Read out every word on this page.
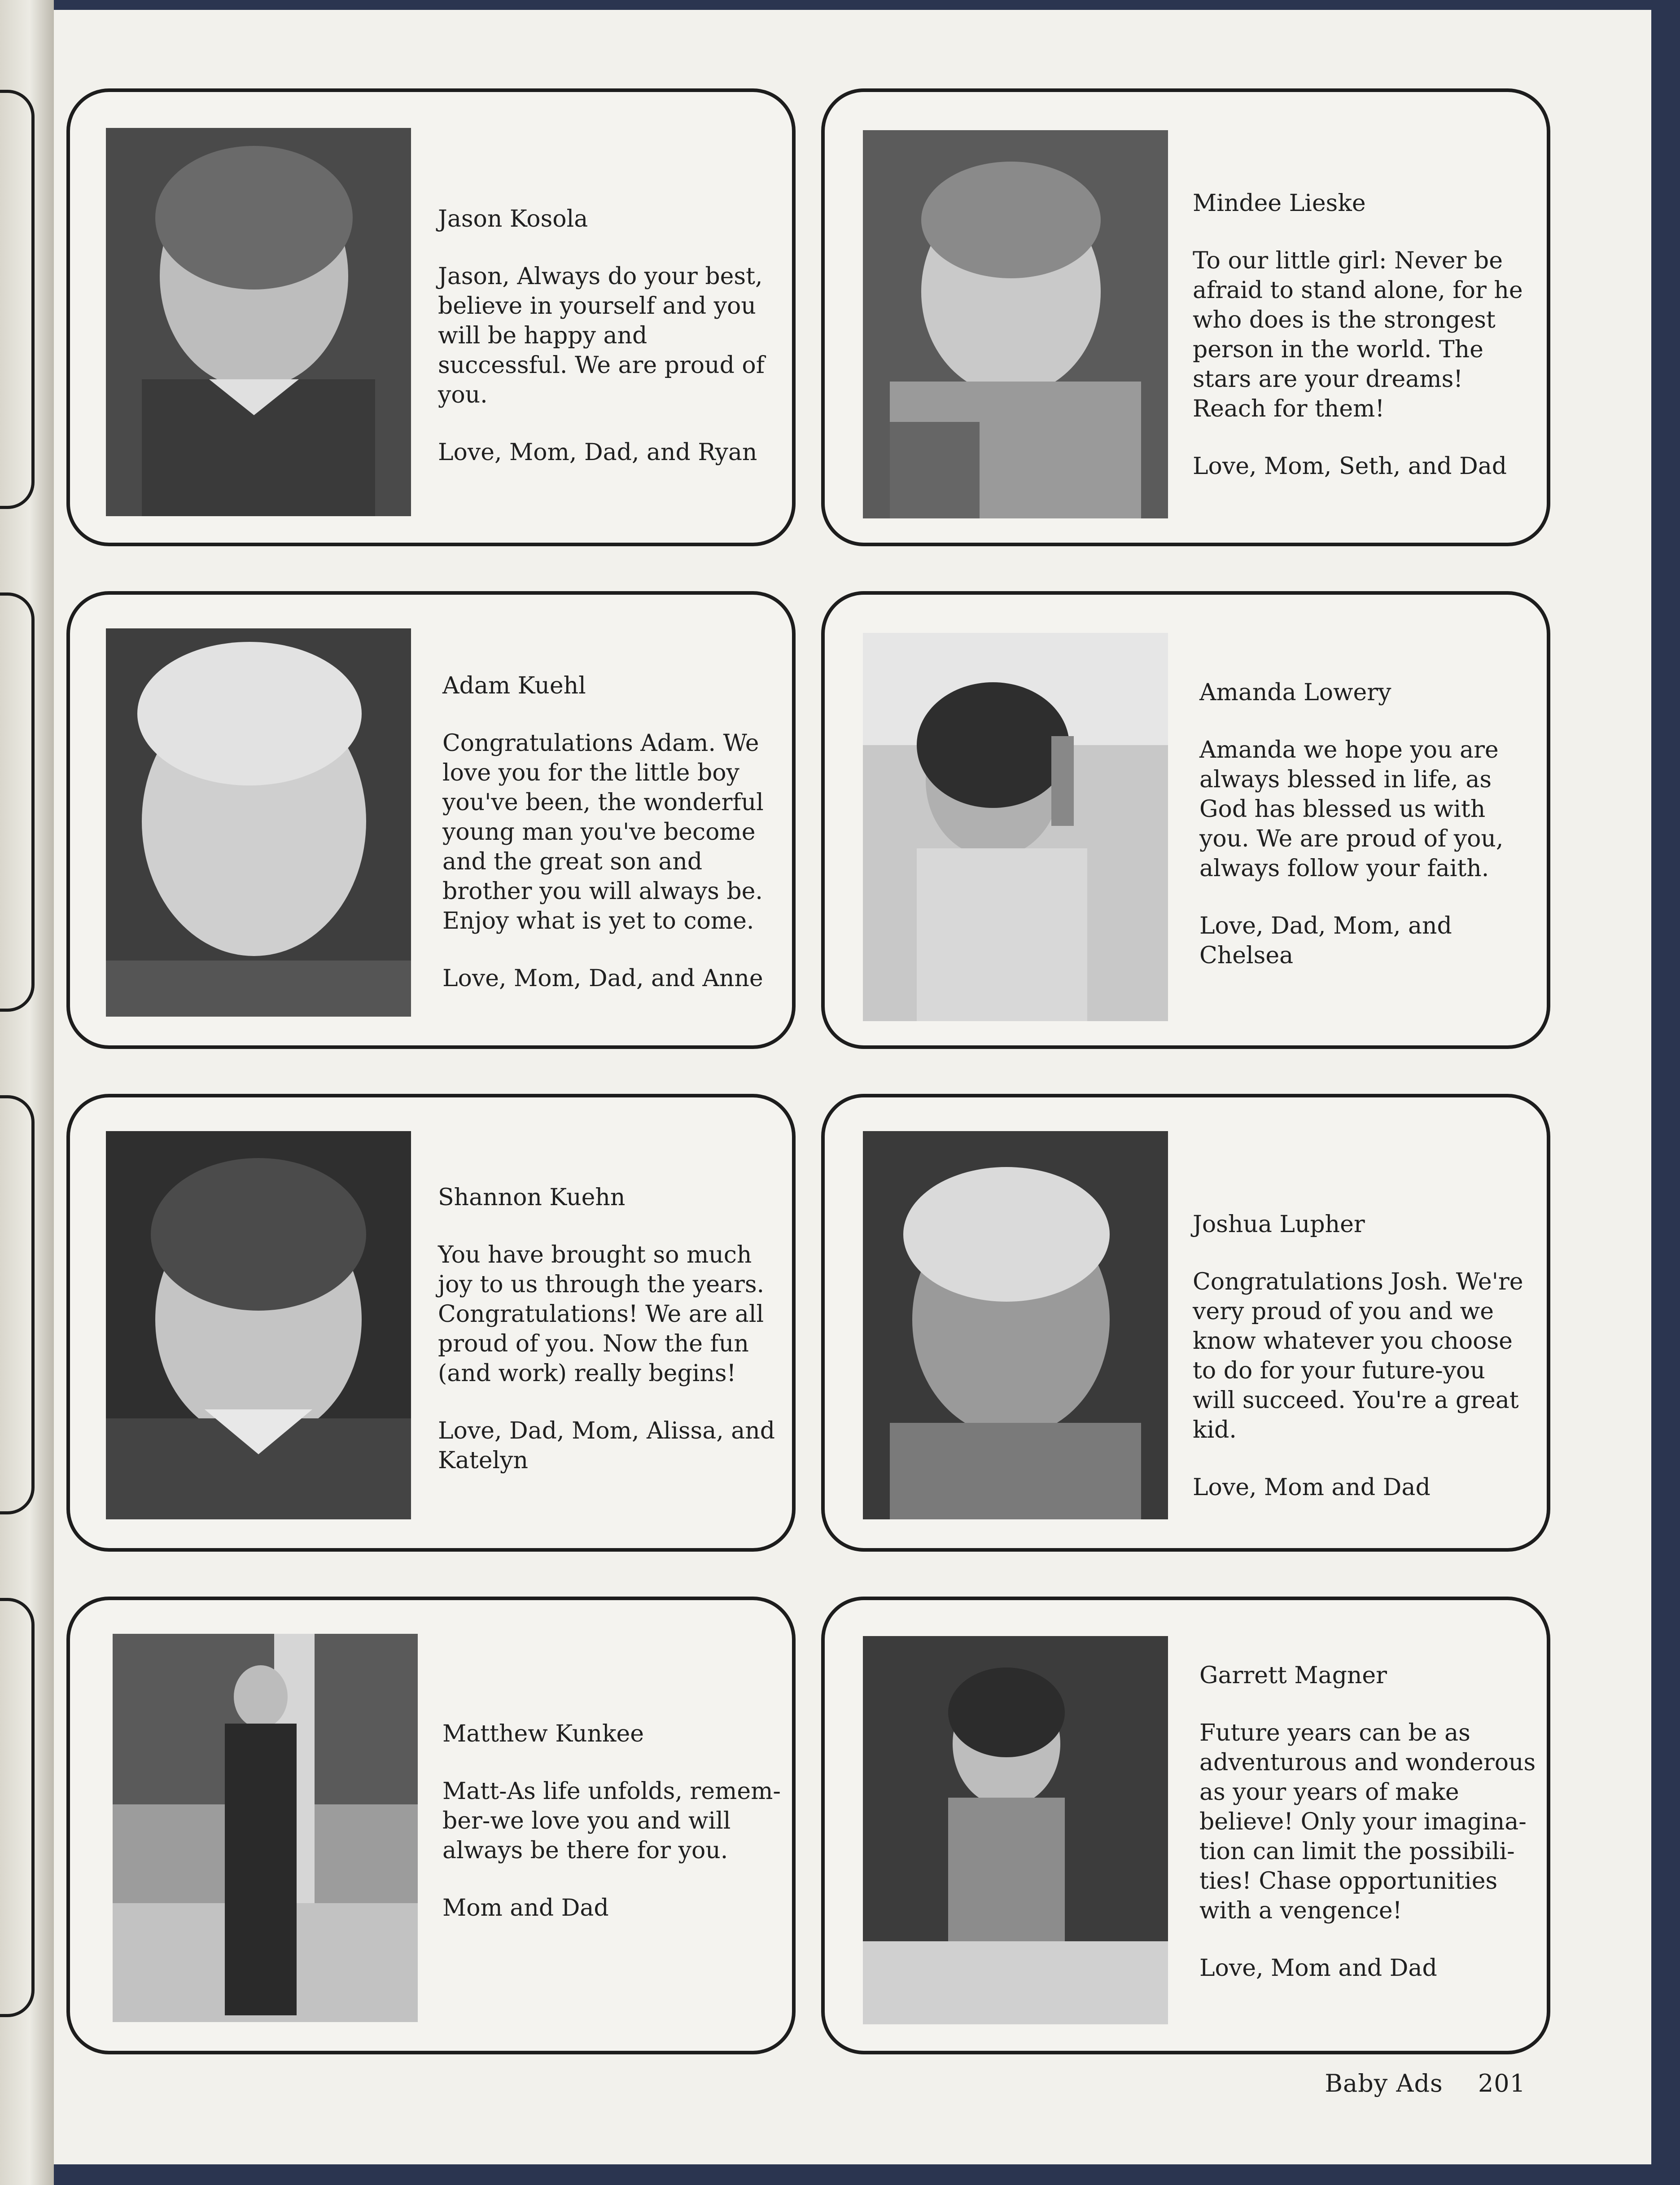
Jason Kosola

Jason, Always do your best, believe in yourself and you will be happy and successful. We are proud of you.

Love, Mom, Dad, and Ryan

Mindee Lieske

To our little girl: Never be afraid to stand alone, for he who does is the strongest person in the world. The stars are your dreams! Reach for them!

Love, Mom, Seth, and Dad

Adam Kuehl

Congratulations Adam. We love you for the little boy you've been, the wonderful young man you've become and the great son and brother you will always be. Enjoy what is yet to come.

Love, Mom, Dad, and Anne

Amanda Lowery

Amanda we hope you are always blessed in life, as God has blessed us with you. We are proud of you, always follow your faith.

Love, Dad, Mom, and Chelsea

Shannon Kuehn

You have brought so much joy to us through the years. Congratulations! We are all proud of you. Now the fun (and work) really begins!

Love, Dad, Mom, Alissa, and Katelyn

Joshua Lupher

Congratulations Josh. We're very proud of you and we know whatever you choose to do for your future-you will succeed. You're a great kid.

Love, Mom and Dad

Matthew Kunkee

Matt-As life unfolds, remem-ber-we love you and will always be there for you.

Mom and Dad

Garrett Magner

Future years can be as adventurous and wonderous as your years of make believe! Only your imagina-tion can limit the possibili-ties! Chase opportunities with a vengence!

Love, Mom and Dad

Baby Ads 201
